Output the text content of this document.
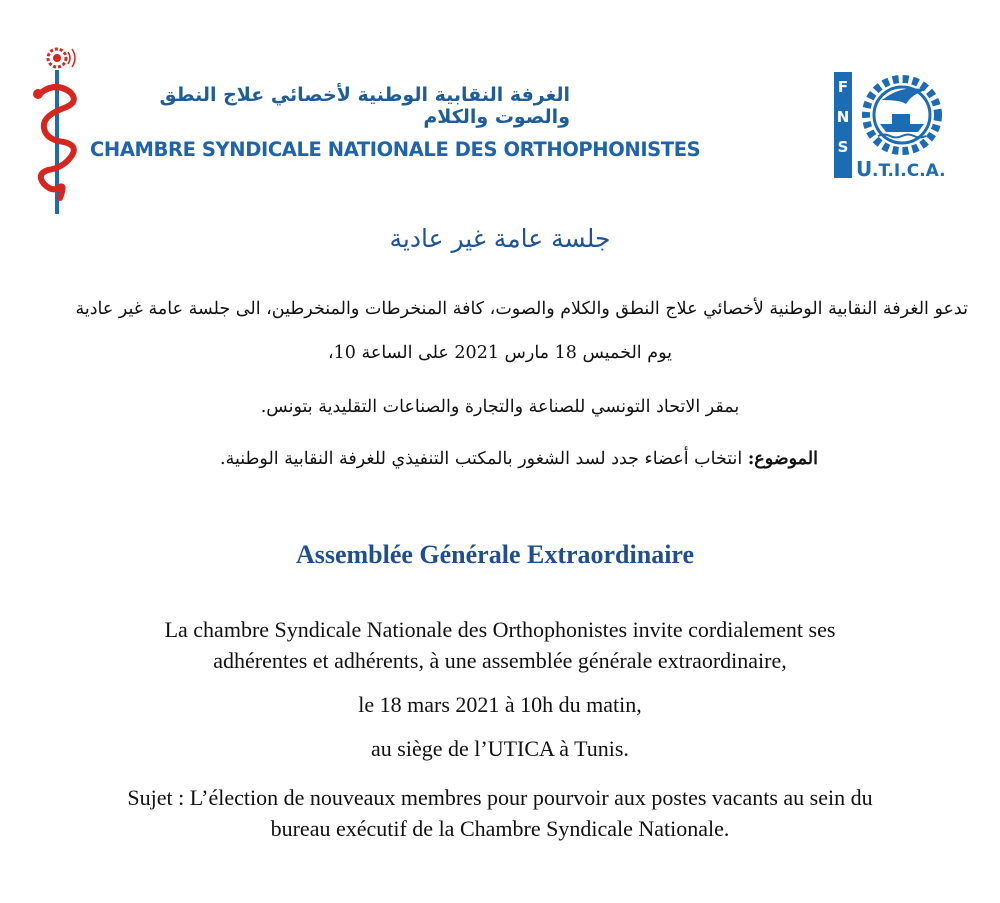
الغرفة النقابية الوطنية لأخصائي علاج النطق والصوت والكلام
CHAMBRE SYNDICALE NATIONALE DES ORTHOPHONISTES
F
N
S
U .T.I.C.A.
جلسة عامة غير عادية

تدعو الغرفة النقابية الوطنية لأخصائي علاج النطق والكلام والصوت، كافة المنخرطات والمنخرطين، الى جلسة عامة غير عادية

يوم الخميس 18 مارس 2021 على الساعة 10،

بمقر الاتحاد التونسي للصناعة والتجارة والصناعات التقليدية بتونس.

الموضوع: انتخاب أعضاء جدد لسد الشغور بالمكتب التنفيذي للغرفة النقابية الوطنية.

Assemblée Générale Extraordinaire

La chambre Syndicale Nationale des Orthophonistes invite cordialement ses

adhérentes et adhérents, à une assemblée générale extraordinaire,

le 18 mars 2021 à 10h du matin,

au siège de l’UTICA à Tunis.

Sujet : L’élection de nouveaux membres pour pourvoir aux postes vacants au sein du

bureau exécutif de la Chambre Syndicale Nationale.
